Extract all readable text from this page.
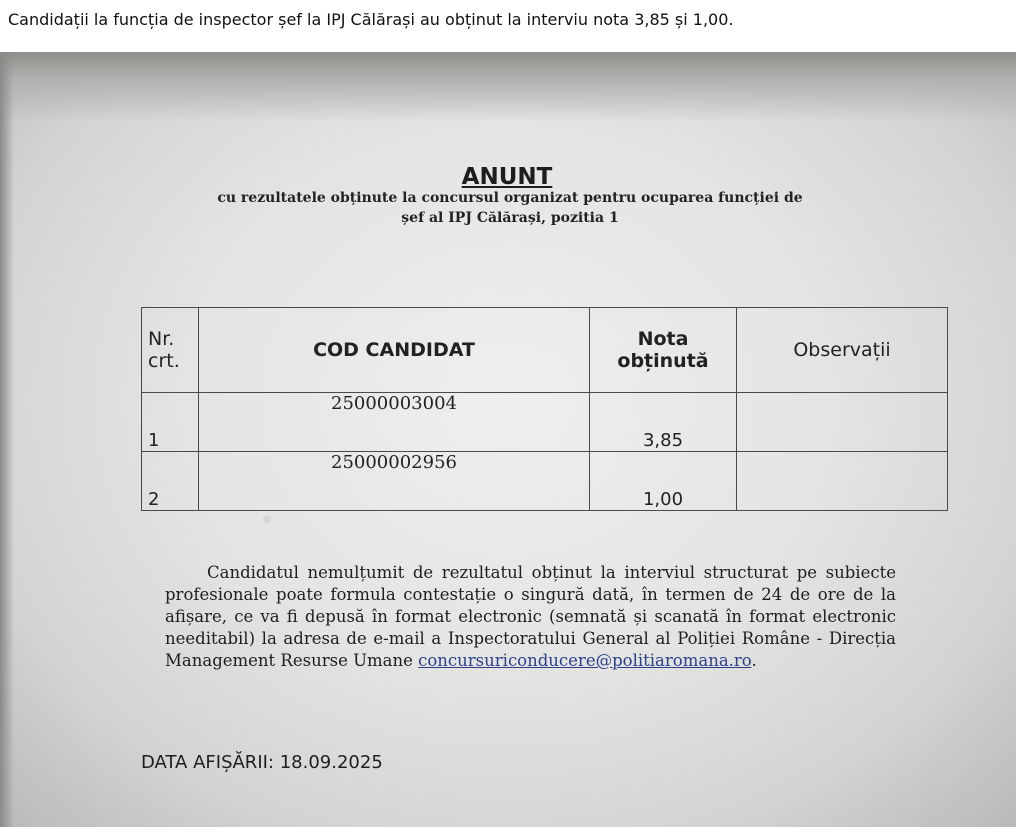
Candidații la funcția de inspector șef la IPJ Călărași au obținut la interviu nota 3,85 și 1,00.
ANUNT
cu rezultatele obținute la concursul organizat pentru ocuparea funcției de
șef al IPJ Călărași, pozitia 1
Nr. crt.	COD CANDIDAT	Nota obținută	Observații
1	25000003004	3,85	
2	25000002956	1,00	
Candidatul nemulțumit de rezultatul obținut la interviul structurat pe subiecte profesionale poate formula contestație o singură dată, în termen de 24 de ore de la afișare, ce va fi depusă în format electronic (semnată și scanată în format electronic needitabil) la adresa de e-mail a Inspectoratului General al Poliției Române - Direcția Management Resurse Umane concursuriconducere@politiaromana.ro.
DATA AFIȘĂRII: 18.09.2025
